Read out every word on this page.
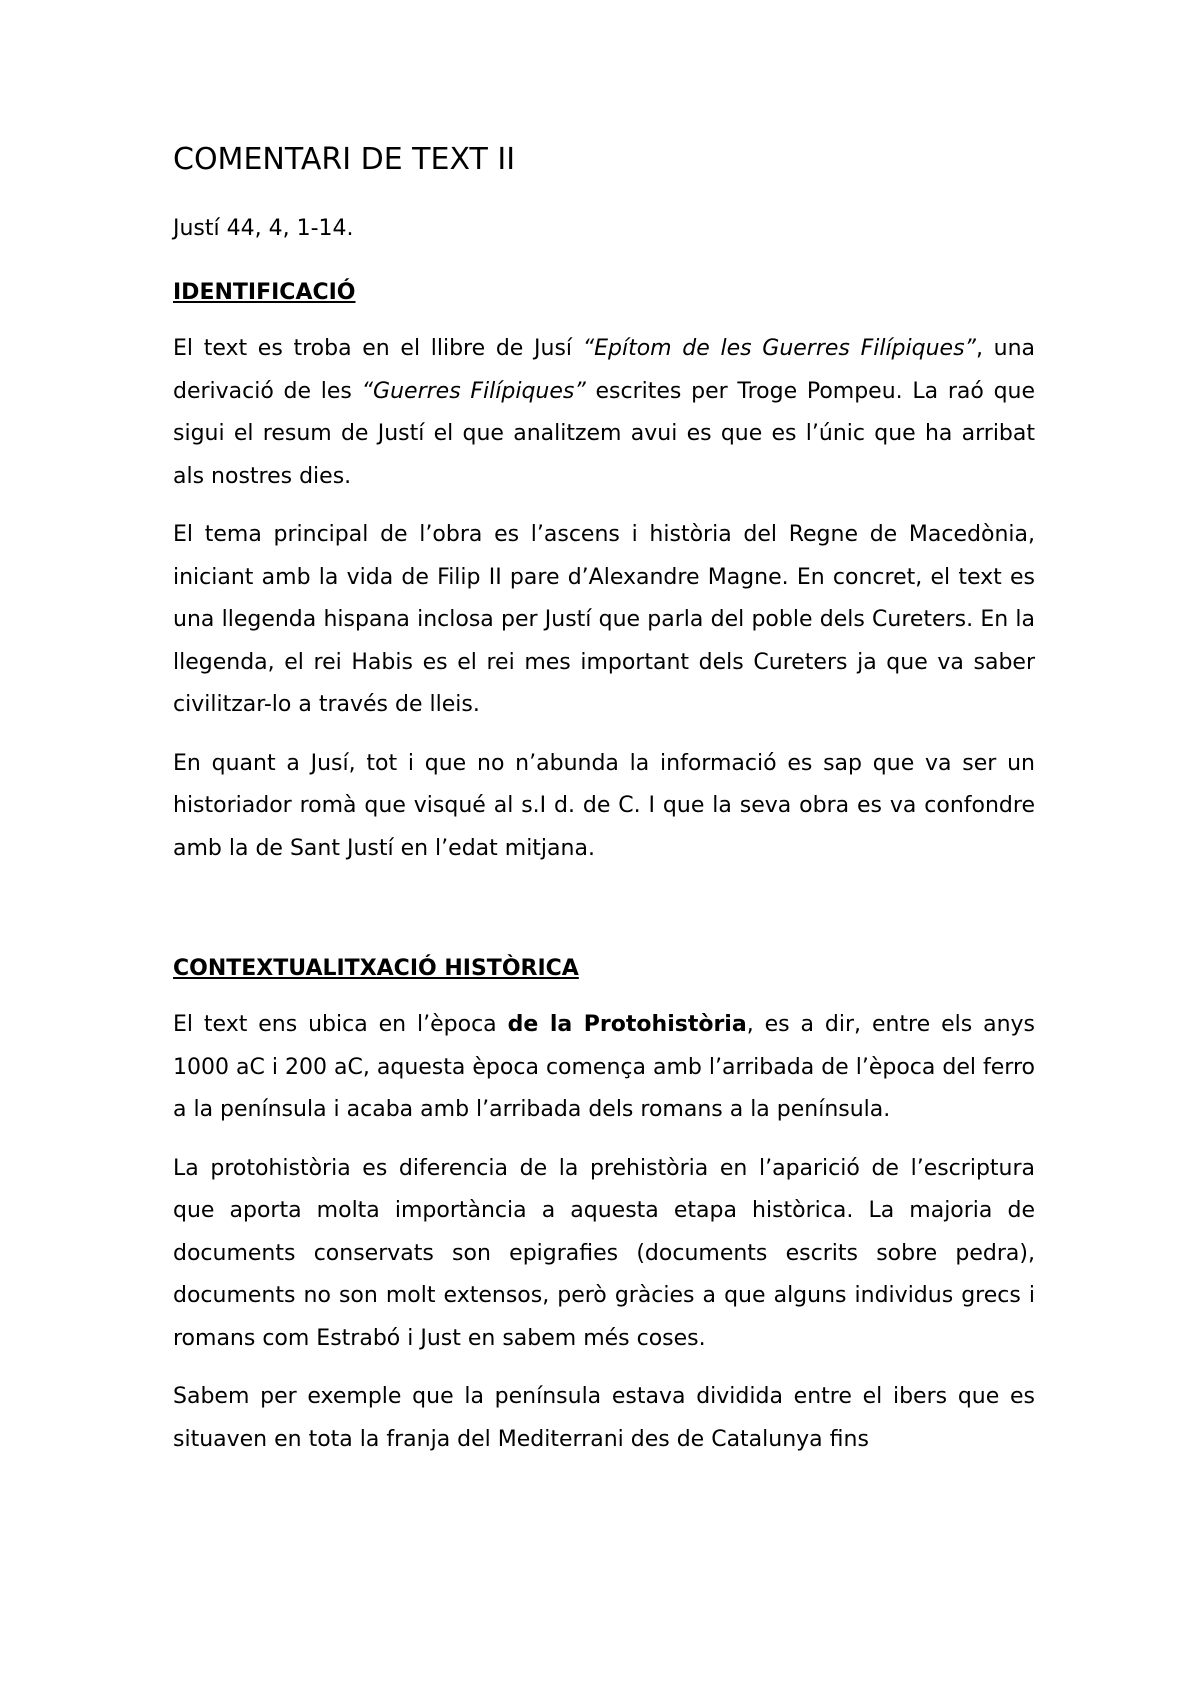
COMENTARI DE TEXT II

Justí 44, 4, 1-14.

IDENTIFICACIÓ

El text es troba en el llibre de Jusí “Epítom de les Guerres Filípiques”, una derivació de les “Guerres Filípiques” escrites per Troge Pompeu. La raó que sigui el resum de Justí el que analitzem avui es que es l’únic que ha arribat als nostres dies.

El tema principal de l’obra es l’ascens i història del Regne de Macedònia, iniciant amb la vida de Filip II pare d’Alexandre Magne. En concret, el text es una llegenda hispana inclosa per Justí que parla del poble dels Cureters. En la llegenda, el rei Habis es el rei mes important dels Cureters ja que va saber civilitzar-lo a través de lleis.

En quant a Jusí, tot i que no n’abunda la informació es sap que va ser un historiador romà que visqué al s.I d. de C. I que la seva obra es va confondre amb la de Sant Justí en l’edat mitjana.

CONTEXTUALITXACIÓ HISTÒRICA

El text ens ubica en l’època de la Protohistòria, es a dir, entre els anys 1000 aC i 200 aC, aquesta època comença amb l’arribada de l’època del ferro a la península i acaba amb l’arribada dels romans a la península.

La protohistòria es diferencia de la prehistòria en l’aparició de l’escriptura que aporta molta importància a aquesta etapa històrica. La majoria de documents conservats son epigrafies (documents escrits sobre pedra), documents no son molt extensos, però gràcies a que alguns individus grecs i romans com Estrabó i Just en sabem més coses.

Sabem per exemple que la península estava dividida entre el ibers que es situaven en tota la franja del Mediterrani des de Catalunya fins
